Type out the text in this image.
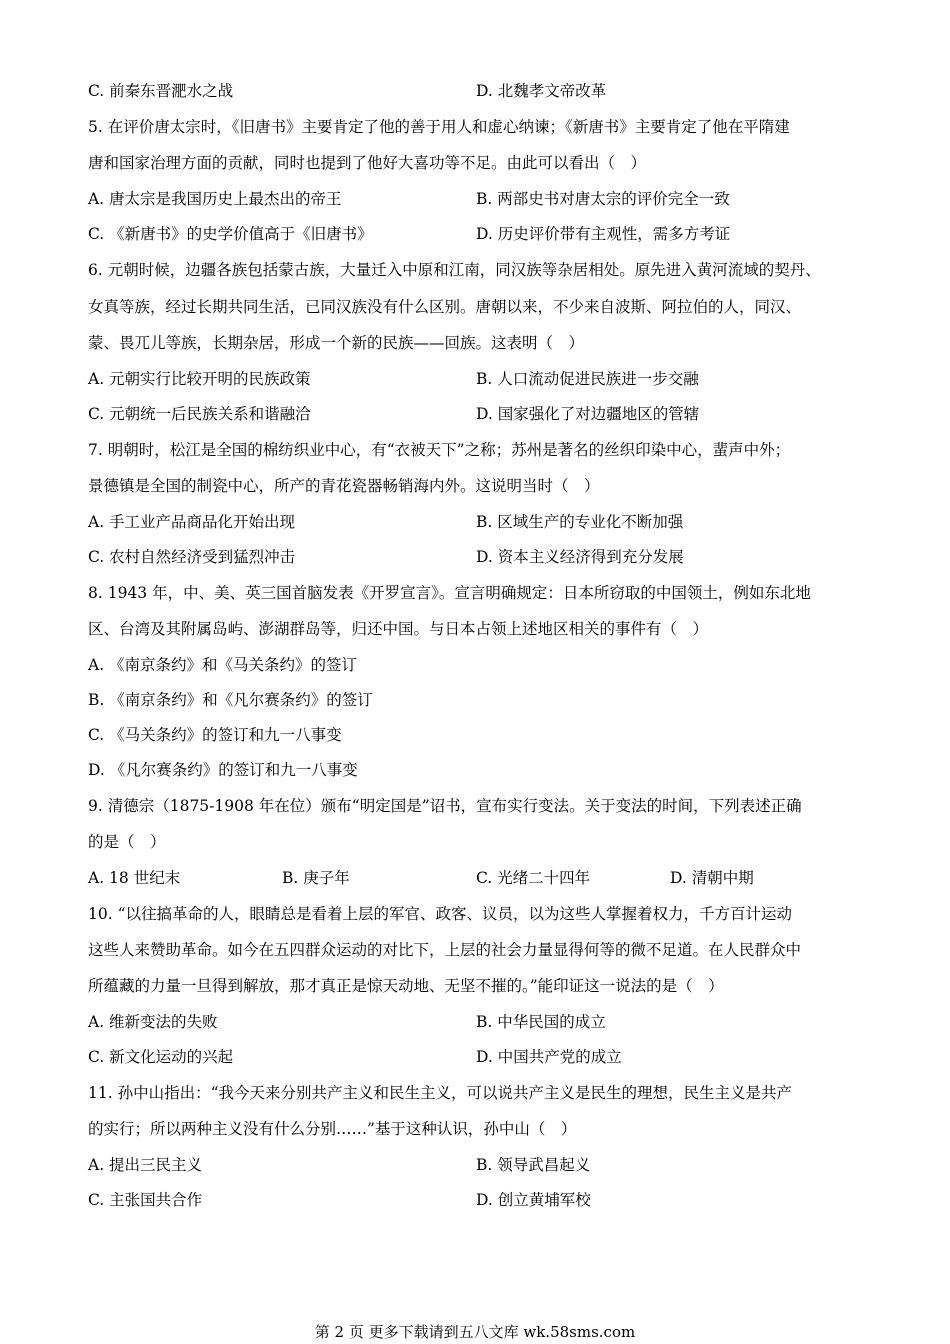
C. 前秦东晋淝水之战	D. 北魏孝文帝改革
5. 在评价唐太宗时，《旧唐书》主要肯定了他的善于用人和虚心纳谏；《新唐书》主要肯定了他在平隋建
唐和国家治理方面的贡献，同时也提到了他好大喜功等不足。由此可以看出（　）
A. 唐太宗是我国历史上最杰出的帝王	B. 两部史书对唐太宗的评价完全一致
C. 《新唐书》的史学价值高于《旧唐书》	D. 历史评价带有主观性，需多方考证
6. 元朝时候，边疆各族包括蒙古族，大量迁入中原和江南，同汉族等杂居相处。原先进入黄河流域的契丹、
女真等族，经过长期共同生活，已同汉族没有什么区别。唐朝以来，不少来自波斯、阿拉伯的人，同汉、
蒙、畏兀儿等族，长期杂居，形成一个新的民族——回族。这表明（　）
A. 元朝实行比较开明的民族政策	B. 人口流动促进民族进一步交融
C. 元朝统一后民族关系和谐融洽	D. 国家强化了对边疆地区的管辖
7. 明朝时，松江是全国的棉纺织业中心，有“衣被天下”之称；苏州是著名的丝织印染中心，蜚声中外；
景德镇是全国的制瓷中心，所产的青花瓷器畅销海内外。这说明当时（　）
A. 手工业产品商品化开始出现	B. 区域生产的专业化不断加强
C. 农村自然经济受到猛烈冲击	D. 资本主义经济得到充分发展
8. 1943 年，中、美、英三国首脑发表《开罗宣言》。宣言明确规定：日本所窃取的中国领土，例如东北地
区、台湾及其附属岛屿、澎湖群岛等，归还中国。与日本占领上述地区相关的事件有（　）
A. 《南京条约》和《马关条约》的签订
B. 《南京条约》和《凡尔赛条约》的签订
C. 《马关条约》的签订和九一八事变
D. 《凡尔赛条约》的签订和九一八事变
9. 清德宗（1875-1908 年在位）颁布“明定国是”诏书，宣布实行变法。关于变法的时间，下列表述正确
的是（　）
A. 18 世纪末	B. 庚子年	C. 光绪二十四年	D. 清朝中期
10. “以往搞革命的人，眼睛总是看着上层的军官、政客、议员，以为这些人掌握着权力，千方百计运动
这些人来赞助革命。如今在五四群众运动的对比下，上层的社会力量显得何等的微不足道。在人民群众中
所蕴藏的力量一旦得到解放，那才真正是惊天动地、无坚不摧的。”能印证这一说法的是（　）
A. 维新变法的失败	B. 中华民国的成立
C. 新文化运动的兴起	D. 中国共产党的成立
11. 孙中山指出：“我今天来分别共产主义和民生主义，可以说共产主义是民生的理想，民生主义是共产
的实行；所以两种主义没有什么分别……”基于这种认识，孙中山（　）
A. 提出三民主义	B. 领导武昌起义
C. 主张国共合作	D. 创立黄埔军校
第 2 页 更多下载请到五八文库 wk.58sms.com
